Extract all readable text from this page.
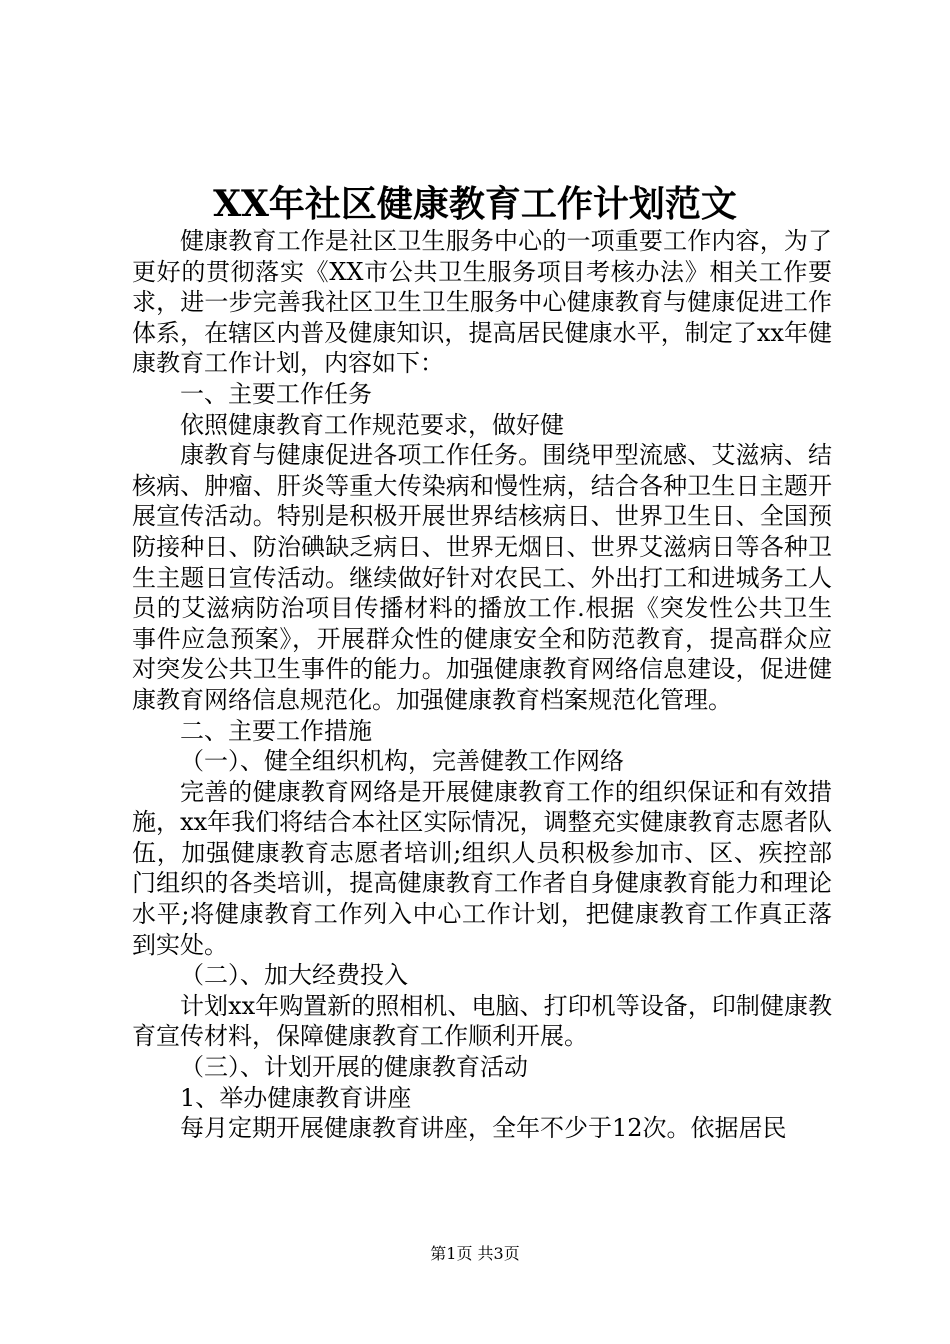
XX年社区健康教育工作计划范文

健康教育工作是社区卫生服务中心的一项重要工作内容，为了更好的贯彻落实《XX市公共卫生服务项目考核办法》相关工作要求，进一步完善我社区卫生卫生服务中心健康教育与健康促进工作体系，在辖区内普及健康知识，提高居民健康水平，制定了xx年健康教育工作计划，内容如下：

一、主要工作任务

依照健康教育工作规范要求，做好健

康教育与健康促进各项工作任务。围绕甲型流感、艾滋病、结核病、肿瘤、肝炎等重大传染病和慢性病，结合各种卫生日主题开展宣传活动。特别是积极开展世界结核病日、世界卫生日、全国预防接种日、防治碘缺乏病日、世界无烟日、世界艾滋病日等各种卫生主题日宣传活动。继续做好针对农民工、外出打工和进城务工人员的艾滋病防治项目传播材料的播放工作.根据《突发性公共卫生事件应急预案》，开展群众性的健康安全和防范教育，提高群众应对突发公共卫生事件的能力。加强健康教育网络信息建设，促进健康教育网络信息规范化。加强健康教育档案规范化管理。

二、主要工作措施

（一）、健全组织机构，完善健教工作网络

完善的健康教育网络是开展健康教育工作的组织保证和有效措施，xx年我们将结合本社区实际情况，调整充实健康教育志愿者队伍，加强健康教育志愿者培训;组织人员积极参加市、区、疾控部门组织的各类培训，提高健康教育工作者自身健康教育能力和理论水平;将健康教育工作列入中心工作计划，把健康教育工作真正落到实处。

（二）、加大经费投入

计划xx年购置新的照相机、电脑、打印机等设备，印制健康教育宣传材料，保障健康教育工作顺利开展。

（三）、计划开展的健康教育活动

1、举办健康教育讲座

每月定期开展健康教育讲座，全年不少于12次。依据居民

第1页 共3页
